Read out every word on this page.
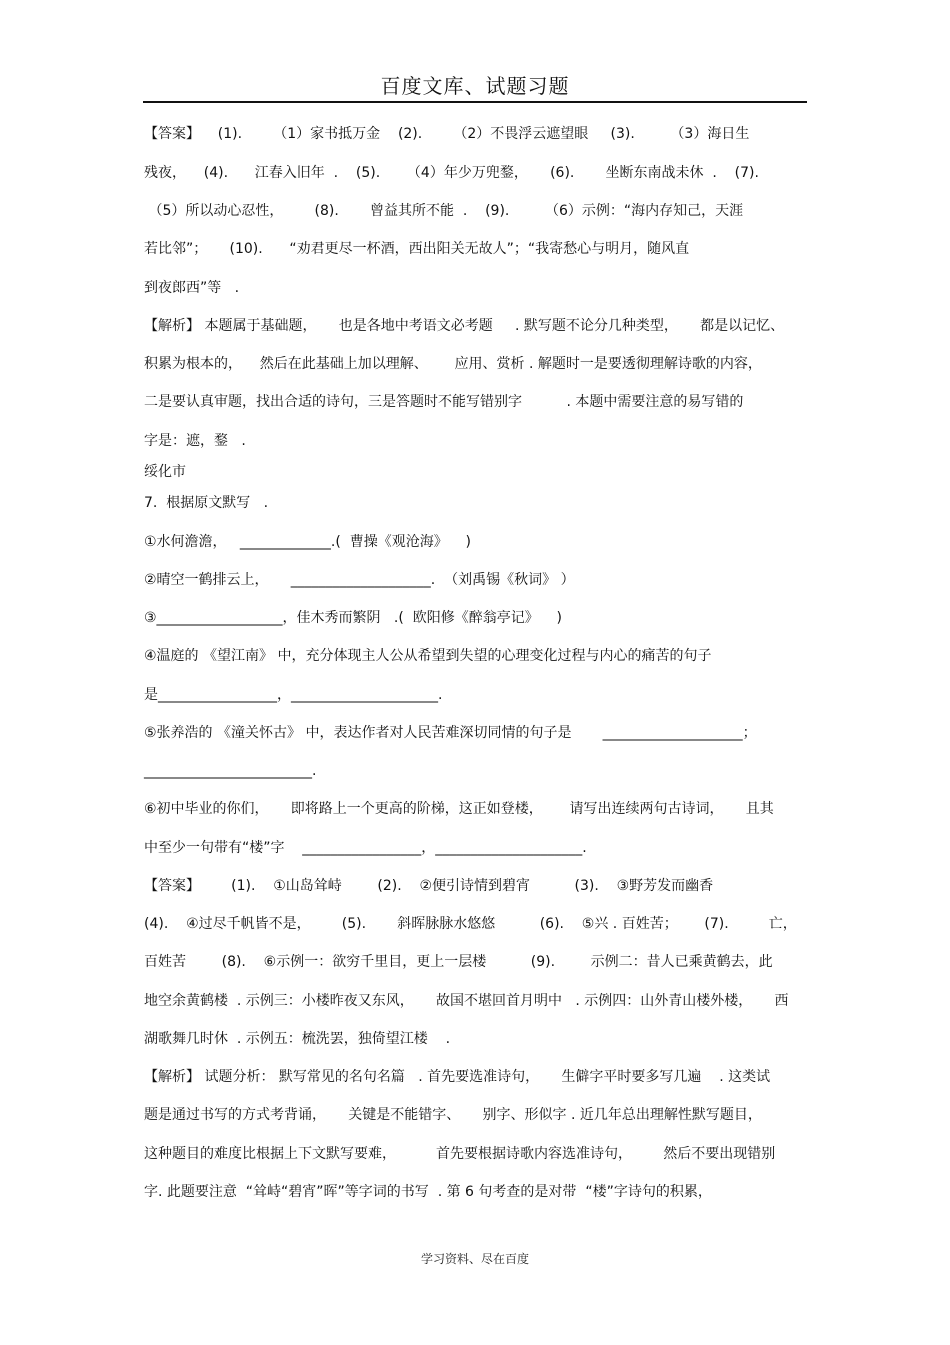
百度文库、试题习题
【答案】    (1).       （1）家书抵万金    (2).       （2）不畏浮云遮望眼     (3).        （3）海日生
残夜，    (4).      江春入旧年  .    (5).      （4）年少万兜鍪，     (6).       坐断东南战未休  .    (7).
（5）所以动心忍性，       (8).       曾益其所不能  .    (9).        （6）示例：“海内存知己，天涯
若比邻”；     (10).      “劝君更尽一杯酒，西出阳关无故人”；“我寄愁心与明月，随风直
到夜郎西”等   .
【解析】 本题属于基础题，     也是各地中考语文必考题     . 默写题不论分几种类型，     都是以记忆、
积累为根本的，    然后在此基础上加以理解、      应用、赏析 . 解题时一是要透彻理解诗歌的内容，
二是要认真审题，找出合适的诗句，三是答题时不能写错别字          . 本题中需要注意的易写错的
字是：遮，鍪   .
绥化市
7.  根据原文默写   .
①水何澹澹，   _____________.(  曹操《观沧海》    )
②晴空一鹤排云上，     ____________________.  （刘禹锡《秋词》 ）
③__________________，佳木秀而繁阴   .(  欧阳修《醉翁亭记》    )
④温庭的 《望江南》 中，充分体现主人公从希望到失望的心理变化过程与内心的痛苦的句子
是_________________，_____________________.
⑤张养浩的 《潼关怀古》 中，表达作者对人民苦难深切同情的句子是       ____________________；
________________________.
⑥初中毕业的你们，     即将路上一个更高的阶梯，这正如登楼，      请写出连续两句古诗词，     且其
中至少一句带有“楼”字    _________________，_____________________.
【答案】       (1).    ①山岛耸峙        (2).    ②便引诗情到碧宵          (3).    ③野芳发而幽香
(4).    ④过尽千帆皆不是，       (5).       斜晖脉脉水悠悠          (6).    ⑤兴 . 百姓苦；      (7).         亡，
百姓苦        (8).    ⑥示例一：欲穷千里目，更上一层楼          (9).        示例二：昔人已乘黄鹤去，此
地空余黄鹤楼  . 示例三：小楼昨夜又东风，     故国不堪回首月明中   . 示例四：山外青山楼外楼，     西
湖歌舞几时休  . 示例五：梳洗罢，独倚望江楼    .
【解析】 试题分析： 默写常见的名句名篇   . 首先要选准诗句，     生僻字平时要多写几遍    . 这类试
题是通过书写的方式考背诵，     关键是不能错字、     别字、形似字 . 近几年总出理解性默写题目，
这种题目的难度比根据上下文默写要难，         首先要根据诗歌内容选准诗句，       然后不要出现错别
字. 此题要注意  “耸峙“碧宵”晖”等字词的书写  . 第 6 句考查的是对带  “楼”字诗句的积累，
学习资料、尽在百度
